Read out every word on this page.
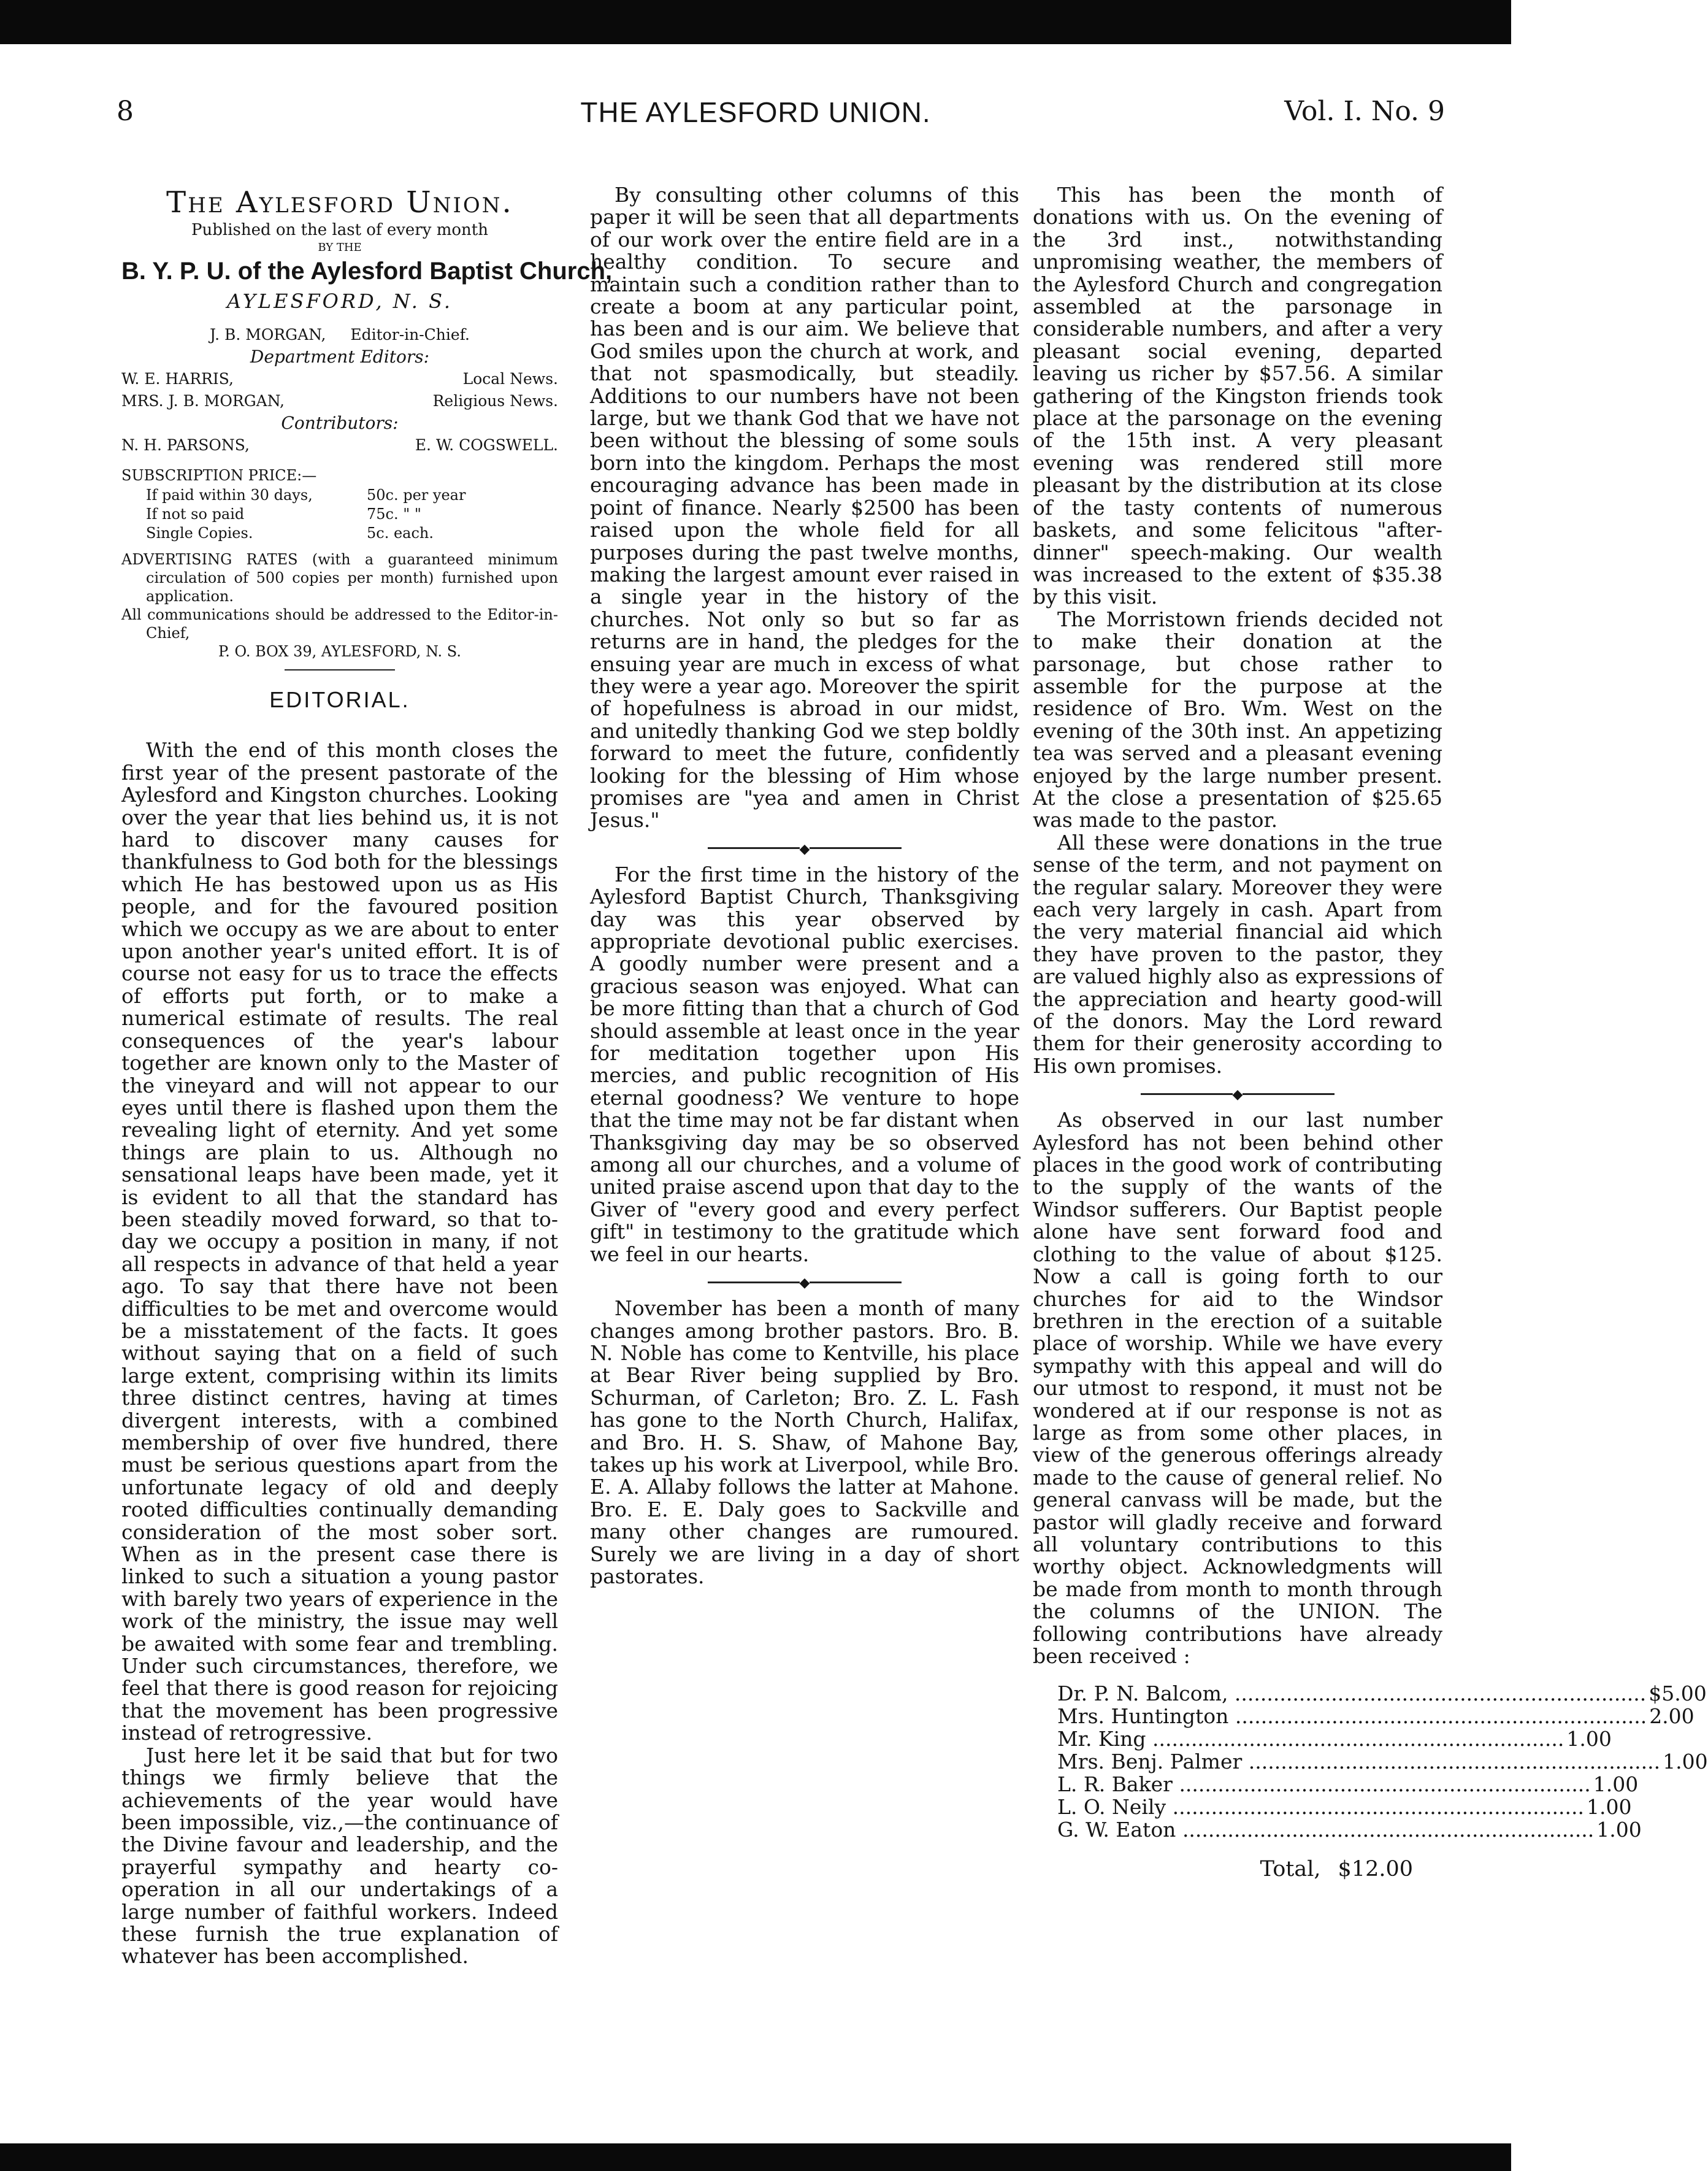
THE AYLESFORD UNION.
8	Vol. I. No. 9
The Aylesford Union.
Published on the last of every month
BY THE
B. Y. P. U. of the Aylesford Baptist Church,
AYLESFORD, N. S.
J. B. MORGAN, Editor-in-Chief.
Department Editors:
W. E. HARRIS,	Local News.
MRS. J. B. MORGAN,	Religious News.
Contributors:
N. H. PARSONS,	E. W. COGSWELL.
SUBSCRIPTION PRICE:—
If paid within 30 days,	50c. per year
If not so paid	75c. " "
Single Copies.	5c. each.

ADVERTISING RATES (with a guaranteed minimum circulation of 500 copies per month) furnished upon application.

All communications should be addressed to the Editor-in-Chief,

P. O. BOX 39, AYLESFORD, N. S.
EDITORIAL.

With the end of this month closes the first year of the present pastorate of the Aylesford and Kingston churches. Looking over the year that lies behind us, it is not hard to discover many causes for thankfulness to God both for the blessings which He has bestowed upon us as His people, and for the favoured position which we occupy as we are about to enter upon another year's united effort. It is of course not easy for us to trace the effects of efforts put forth, or to make a numerical estimate of results. The real consequences of the year's labour together are known only to the Master of the vineyard and will not appear to our eyes until there is flashed upon them the revealing light of eternity. And yet some things are plain to us. Although no sensational leaps have been made, yet it is evident to all that the standard has been steadily moved forward, so that to-day we occupy a position in many, if not all respects in advance of that held a year ago. To say that there have not been difficulties to be met and overcome would be a misstatement of the facts. It goes without saying that on a field of such large extent, comprising within its limits three distinct centres, having at times divergent interests, with a combined membership of over five hundred, there must be serious questions apart from the unfortunate legacy of old and deeply rooted difficulties continually demanding consideration of the most sober sort. When as in the present case there is linked to such a situation a young pastor with barely two years of experience in the work of the ministry, the issue may well be awaited with some fear and trembling. Under such circumstances, therefore, we feel that there is good reason for rejoicing that the movement has been progressive instead of retrogressive.

Just here let it be said that but for two things we firmly believe that the achievements of the year would have been impossible, viz.,—the continuance of the Divine favour and leadership, and the prayerful sympathy and hearty co-operation in all our undertakings of a large number of faithful workers. Indeed these furnish the true explanation of whatever has been accomplished.

By consulting other columns of this paper it will be seen that all departments of our work over the entire field are in a healthy condition. To secure and maintain such a condition rather than to create a boom at any particular point, has been and is our aim. We believe that God smiles upon the church at work, and that not spasmodically, but steadily. Additions to our numbers have not been large, but we thank God that we have not been without the blessing of some souls born into the kingdom. Perhaps the most encouraging advance has been made in point of finance. Nearly $2500 has been raised upon the whole field for all purposes during the past twelve months, making the largest amount ever raised in a single year in the history of the churches. Not only so but so far as returns are in hand, the pledges for the ensuing year are much in excess of what they were a year ago. Moreover the spirit of hopefulness is abroad in our midst, and unitedly thanking God we step boldly forward to meet the future, confidently looking for the blessing of Him whose promises are "yea and amen in Christ Jesus."

◆

For the first time in the history of the Aylesford Baptist Church, Thanksgiving day was this year observed by appropriate devotional public exercises. A goodly number were present and a gracious season was enjoyed. What can be more fitting than that a church of God should assemble at least once in the year for meditation together upon His mercies, and public recognition of His eternal goodness? We venture to hope that the time may not be far distant when Thanksgiving day may be so observed among all our churches, and a volume of united praise ascend upon that day to the Giver of "every good and every perfect gift" in testimony to the gratitude which we feel in our hearts.

◆

November has been a month of many changes among brother pastors. Bro. B. N. Noble has come to Kentville, his place at Bear River being supplied by Bro. Schurman, of Carleton; Bro. Z. L. Fash has gone to the North Church, Halifax, and Bro. H. S. Shaw, of Mahone Bay, takes up his work at Liverpool, while Bro. E. A. Allaby follows the latter at Mahone. Bro. E. E. Daly goes to Sackville and many other changes are rumoured. Surely we are living in a day of short pastorates.

This has been the month of donations with us. On the evening of the 3rd inst., notwithstanding unpromising weather, the members of the Aylesford Church and congregation assembled at the parsonage in considerable numbers, and after a very pleasant social evening, departed leaving us richer by $57.56. A similar gathering of the Kingston friends took place at the parsonage on the evening of the 15th inst. A very pleasant evening was rendered still more pleasant by the distribution at its close of the tasty contents of numerous baskets, and some felicitous "after-dinner" speech-making. Our wealth was increased to the extent of $35.38 by this visit.

The Morristown friends decided not to make their donation at the parsonage, but chose rather to assemble for the purpose at the residence of Bro. Wm. West on the evening of the 30th inst. An appetizing tea was served and a pleasant evening enjoyed by the large number present. At the close a presentation of $25.65 was made to the pastor.

All these were donations in the true sense of the term, and not payment on the regular salary. Moreover they were each very largely in cash. Apart from the very material financial aid which they have proven to the pastor, they are valued highly also as expressions of the appreciation and hearty good-will of the donors. May the Lord reward them for their generosity according to His own promises.

◆

As observed in our last number Aylesford has not been behind other places in the good work of contributing to the supply of the wants of the Windsor sufferers. Our Baptist people alone have sent forward food and clothing to the value of about $125. Now a call is going forth to our churches for aid to the Windsor brethren in the erection of a suitable place of worship. While we have every sympathy with this appeal and will do our utmost to respond, it must not be wondered at if our response is not as large as from some other places, in view of the generous offerings already made to the cause of general relief. No general canvass will be made, but the pastor will gladly receive and forward all voluntary contributions to this worthy object. Acknowledgments will be made from month to month through the columns of the UNION. The following contributions have already been received :

Dr. P. N. Balcom, .....	$5.00
Mrs. Huntington .....	2.00
Mr. King .....	1.00
Mrs. Benj. Palmer .....	1.00
L. R. Baker .....	1.00
L. O. Neily .....	1.00
G. W. Eaton .....	1.00
Total, $12.00
